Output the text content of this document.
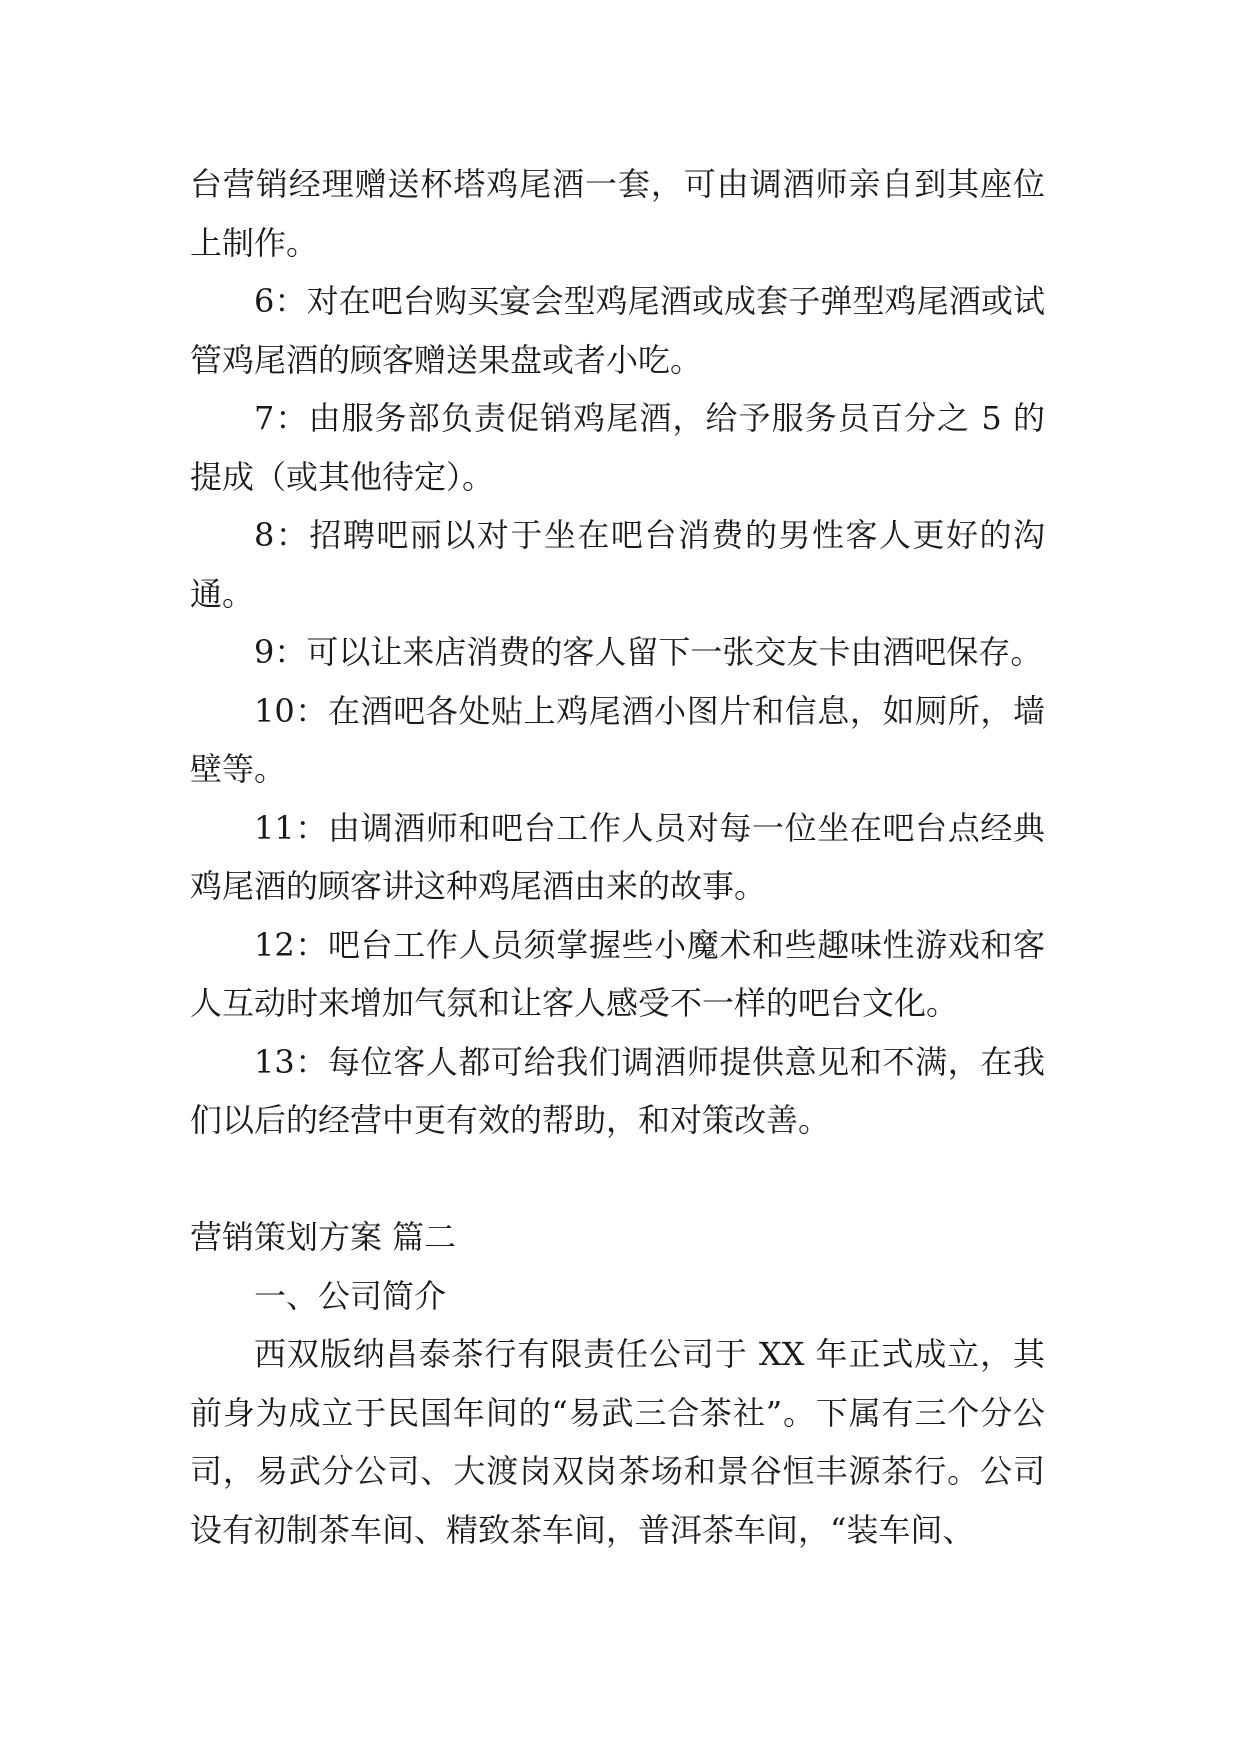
台营销经理赠送杯塔鸡尾酒一套，可由调酒师亲自到其座位上制作。

6：对在吧台购买宴会型鸡尾酒或成套子弹型鸡尾酒或试管鸡尾酒的顾客赠送果盘或者小吃。

7：由服务部负责促销鸡尾酒，给予服务员百分之 5 的提成（或其他待定）。

8：招聘吧丽以对于坐在吧台消费的男性客人更好的沟通。

9：可以让来店消费的客人留下一张交友卡由酒吧保存。

10：在酒吧各处贴上鸡尾酒小图片和信息，如厕所，墙壁等。

11：由调酒师和吧台工作人员对每一位坐在吧台点经典鸡尾酒的顾客讲这种鸡尾酒由来的故事。

12：吧台工作人员须掌握些小魔术和些趣味性游戏和客人互动时来增加气氛和让客人感受不一样的吧台文化。

13：每位客人都可给我们调酒师提供意见和不满，在我们以后的经营中更有效的帮助，和对策改善。

营销策划方案 篇二

一、公司简介

西双版纳昌泰茶行有限责任公司于 XX 年正式成立，其前身为成立于民国年间的“易武三合茶社”。下属有三个分公司，易武分公司、大渡岗双岗茶场和景谷恒丰源茶行。公司设有初制茶车间、精致茶车间，普洱茶车间，“装车间、
